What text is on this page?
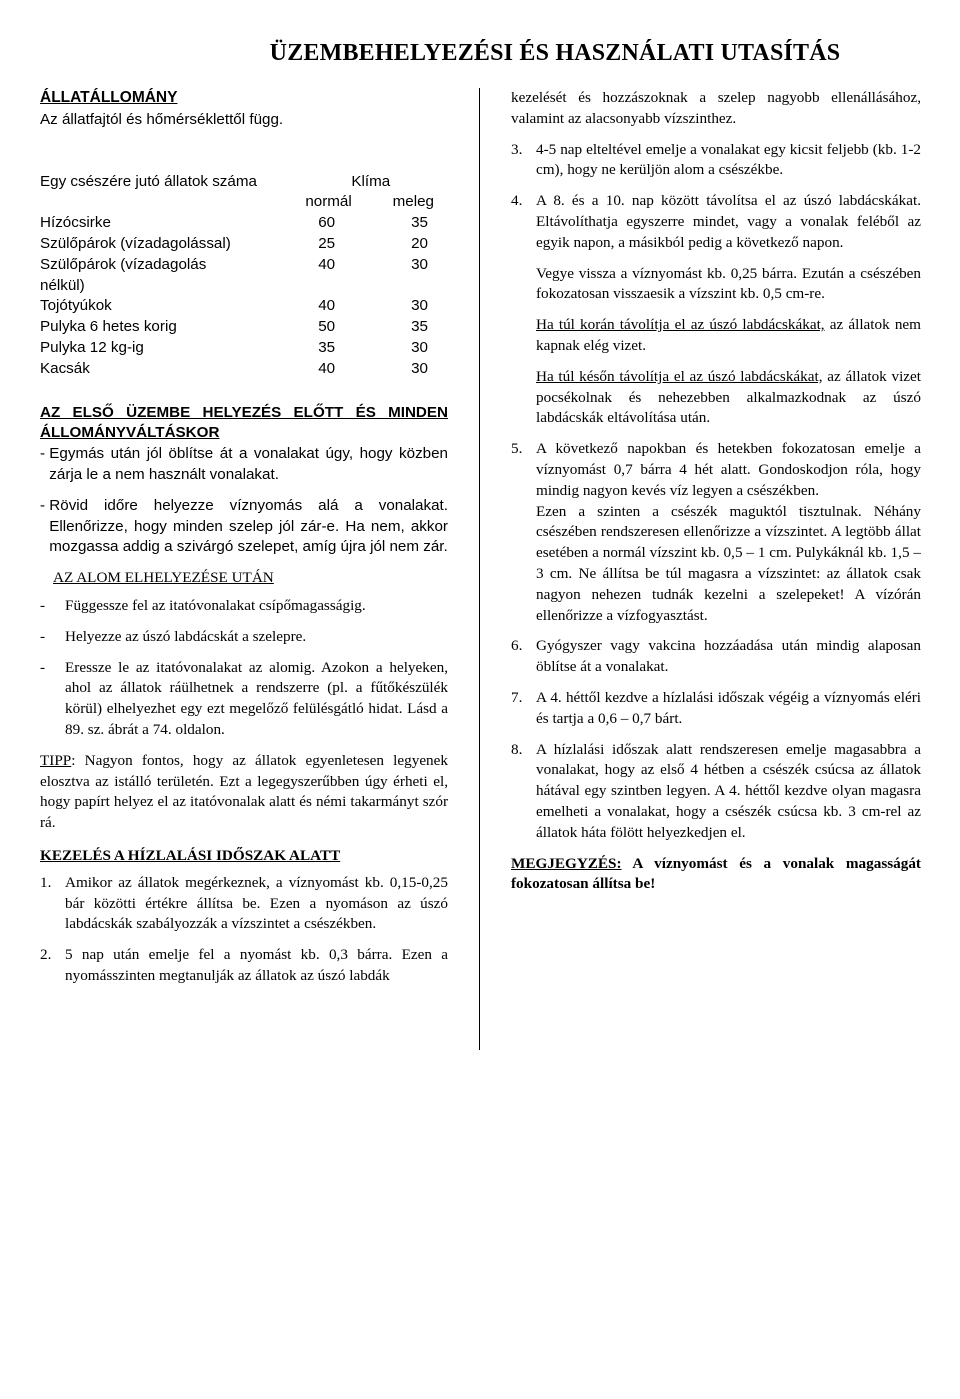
ÜZEMBEHELYEZÉSI ÉS HASZNÁLATI UTASÍTÁS

ÁLLATÁLLOMÁNY

Az állatfajtól és hőmérséklettől függ.

Egy csészére jutó állatok száma	Klíma	
	normál	meleg
Hízócsirke	60	35
Szülőpárok (vízadagolással)	25	20
Szülőpárok (vízadagolás nélkül)	40	30
Tojótyúkok	40	30
Pulyka 6 hetes korig	50	35
Pulyka 12 kg-ig	35	30
Kacsák	40	30

AZ ELSŐ ÜZEMBE HELYEZÉS ELŐTT ÉS MINDEN ÁLLOMÁNYVÁLTÁSKOR

- Egymás után jól öblítse át a vonalakat úgy, hogy közben zárja le a nem használt vonalakat.
- Rövid időre helyezze víznyomás alá a vonalakat. Ellenőrizze, hogy minden szelep jól zár-e. Ha nem, akkor mozgassa addig a szivárgó szelepet, amíg újra jól nem zár.

AZ ALOM ELHELYEZÉSE UTÁN

-	Függessze fel az itatóvonalakat csípőmagasságig.
-	Helyezze az úszó labdácskát a szelepre.
-	Eressze le az itatóvonalakat az alomig. Azokon a helyeken, ahol az állatok ráülhetnek a rendszerre (pl. a fűtőkészülék körül) elhelyezhet egy ezt megelőző felülésgátló hidat. Lásd a 89. sz. ábrát a 74. oldalon.

TIPP: Nagyon fontos, hogy az állatok egyenletesen legyenek elosztva az istálló területén. Ezt a legegyszerűbben úgy érheti el, hogy papírt helyez el az itatóvonalak alatt és némi takarmányt szór rá.

KEZELÉS A HÍZLALÁSI IDŐSZAK ALATT

1. Amikor az állatok megérkeznek, a víznyomást kb. 0,15-0,25 bár közötti értékre állítsa be. Ezen a nyomáson az úszó labdácskák szabályozzák a vízszintet a csészékben.
2. 5 nap után emelje fel a nyomást kb. 0,3 bárra. Ezen a nyomásszinten megtanulják az állatok az úszó labdák

kezelését és hozzászoknak a szelep nagyobb ellenállásához, valamint az alacsonyabb vízszinthez.

3. 4-5 nap elteltével emelje a vonalakat egy kicsit feljebb (kb. 1-2 cm), hogy ne kerüljön alom a csészékbe.
4. A 8. és a 10. nap között távolítsa el az úszó labdácskákat. Eltávolíthatja egyszerre mindet, vagy a vonalak feléből az egyik napon, a másikból pedig a következő napon.

Vegye vissza a víznyomást kb. 0,25 bárra. Ezután a csészében fokozatosan visszaesik a vízszint kb. 0,5 cm-re.

Ha túl korán távolítja el az úszó labdácskákat, az állatok nem kapnak elég vizet.

Ha túl későn távolítja el az úszó labdácskákat, az állatok vizet pocsékolnak és nehezebben alkalmazkodnak az úszó labdácskák eltávolítása után.

5. A következő napokban és hetekben fokozatosan emelje a víznyomást 0,7 bárra 4 hét alatt. Gondoskodjon róla, hogy mindig nagyon kevés víz legyen a csészékben.
Ezen a szinten a csészék maguktól tisztulnak. Néhány csészében rendszeresen ellenőrizze a vízszintet. A legtöbb állat esetében a normál vízszint kb. 0,5 – 1 cm. Pulykáknál kb. 1,5 – 3 cm. Ne állítsa be túl magasra a vízszintet: az állatok csak nagyon nehezen tudnák kezelni a szelepeket! A vízórán ellenőrizze a vízfogyasztást.
6. Gyógyszer vagy vakcina hozzáadása után mindig alaposan öblítse át a vonalakat.
7. A 4. héttől kezdve a hízlalási időszak végéig a víznyomás eléri és tartja a 0,6 – 0,7 bárt.
8. A hízlalási időszak alatt rendszeresen emelje magasabbra a vonalakat, hogy az első 4 hétben a csészék csúcsa az állatok hátával egy szintben legyen. A 4. héttől kezdve olyan magasra emelheti a vonalakat, hogy a csészék csúcsa kb. 3 cm-rel az állatok háta fölött helyezkedjen el.

MEGJEGYZÉS: A víznyomást és a vonalak magasságát fokozatosan állítsa be!
